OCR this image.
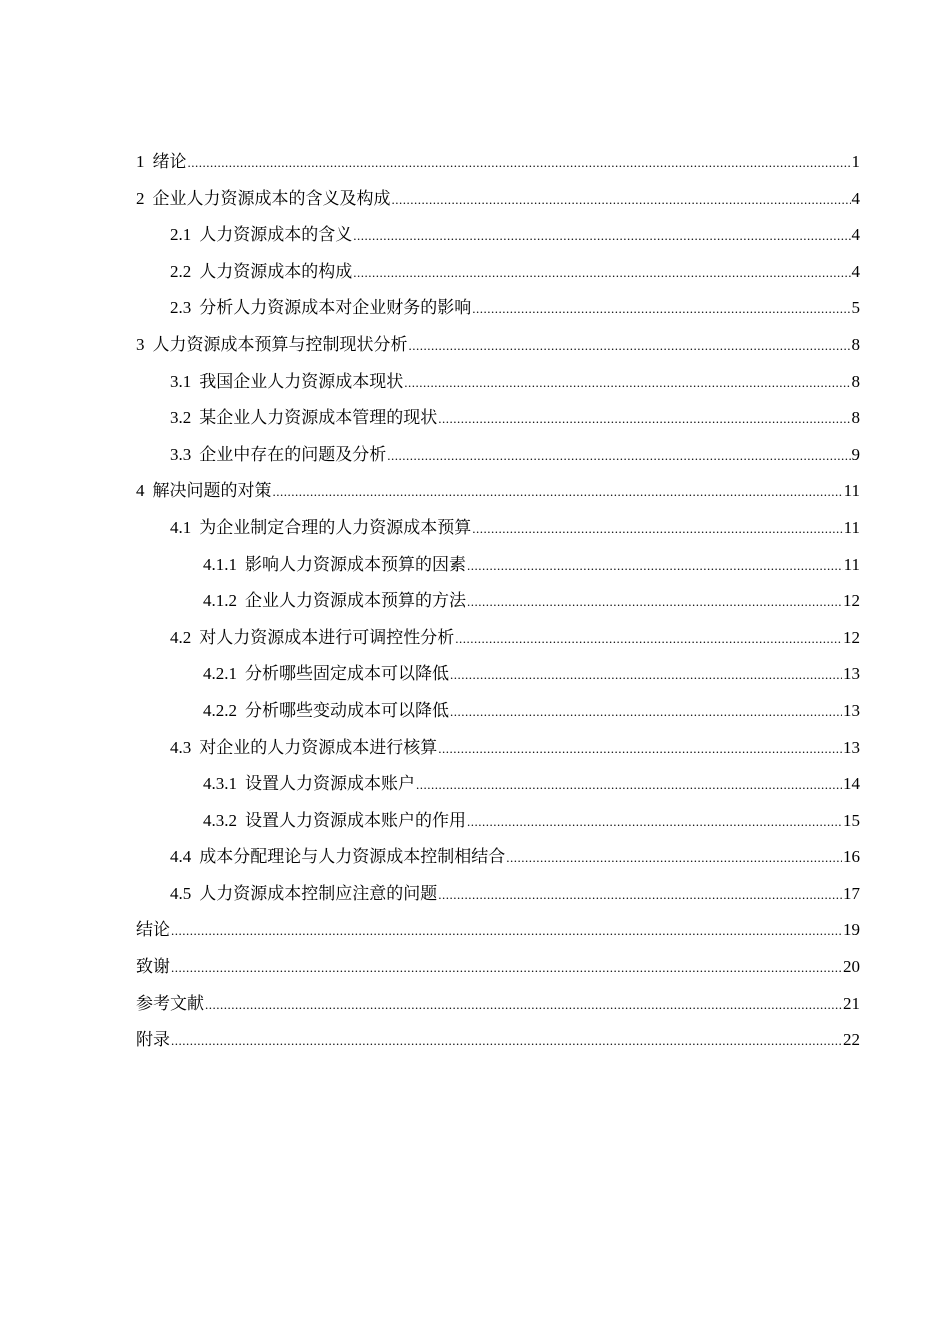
1 绪论 .....	1
2 企业人力资源成本的含义及构成 .....	4
2.1 人力资源成本的含义 .....	4
2.2 人力资源成本的构成 .....	4
2.3 分析人力资源成本对企业财务的影响 .....	5
3 人力资源成本预算与控制现状分析 .....	8
3.1 我国企业人力资源成本现状 .....	8
3.2 某企业人力资源成本管理的现状 .....	8
3.3 企业中存在的问题及分析 .....	9
4 解决问题的对策 .....	11
4.1 为企业制定合理的人力资源成本预算 .....	11
4.1.1 影响人力资源成本预算的因素 .....	11
4.1.2 企业人力资源成本预算的方法 .....	12
4.2 对人力资源成本进行可调控性分析 .....	12
4.2.1 分析哪些固定成本可以降低 .....	13
4.2.2 分析哪些变动成本可以降低 .....	13
4.3 对企业的人力资源成本进行核算 .....	13
4.3.1 设置人力资源成本账户 .....	14
4.3.2 设置人力资源成本账户的作用 .....	15
4.4 成本分配理论与人力资源成本控制相结合 .....	16
4.5 人力资源成本控制应注意的问题 .....	17
结论 .....	19
致谢 .....	20
参考文献 .....	21
附录 .....	22
